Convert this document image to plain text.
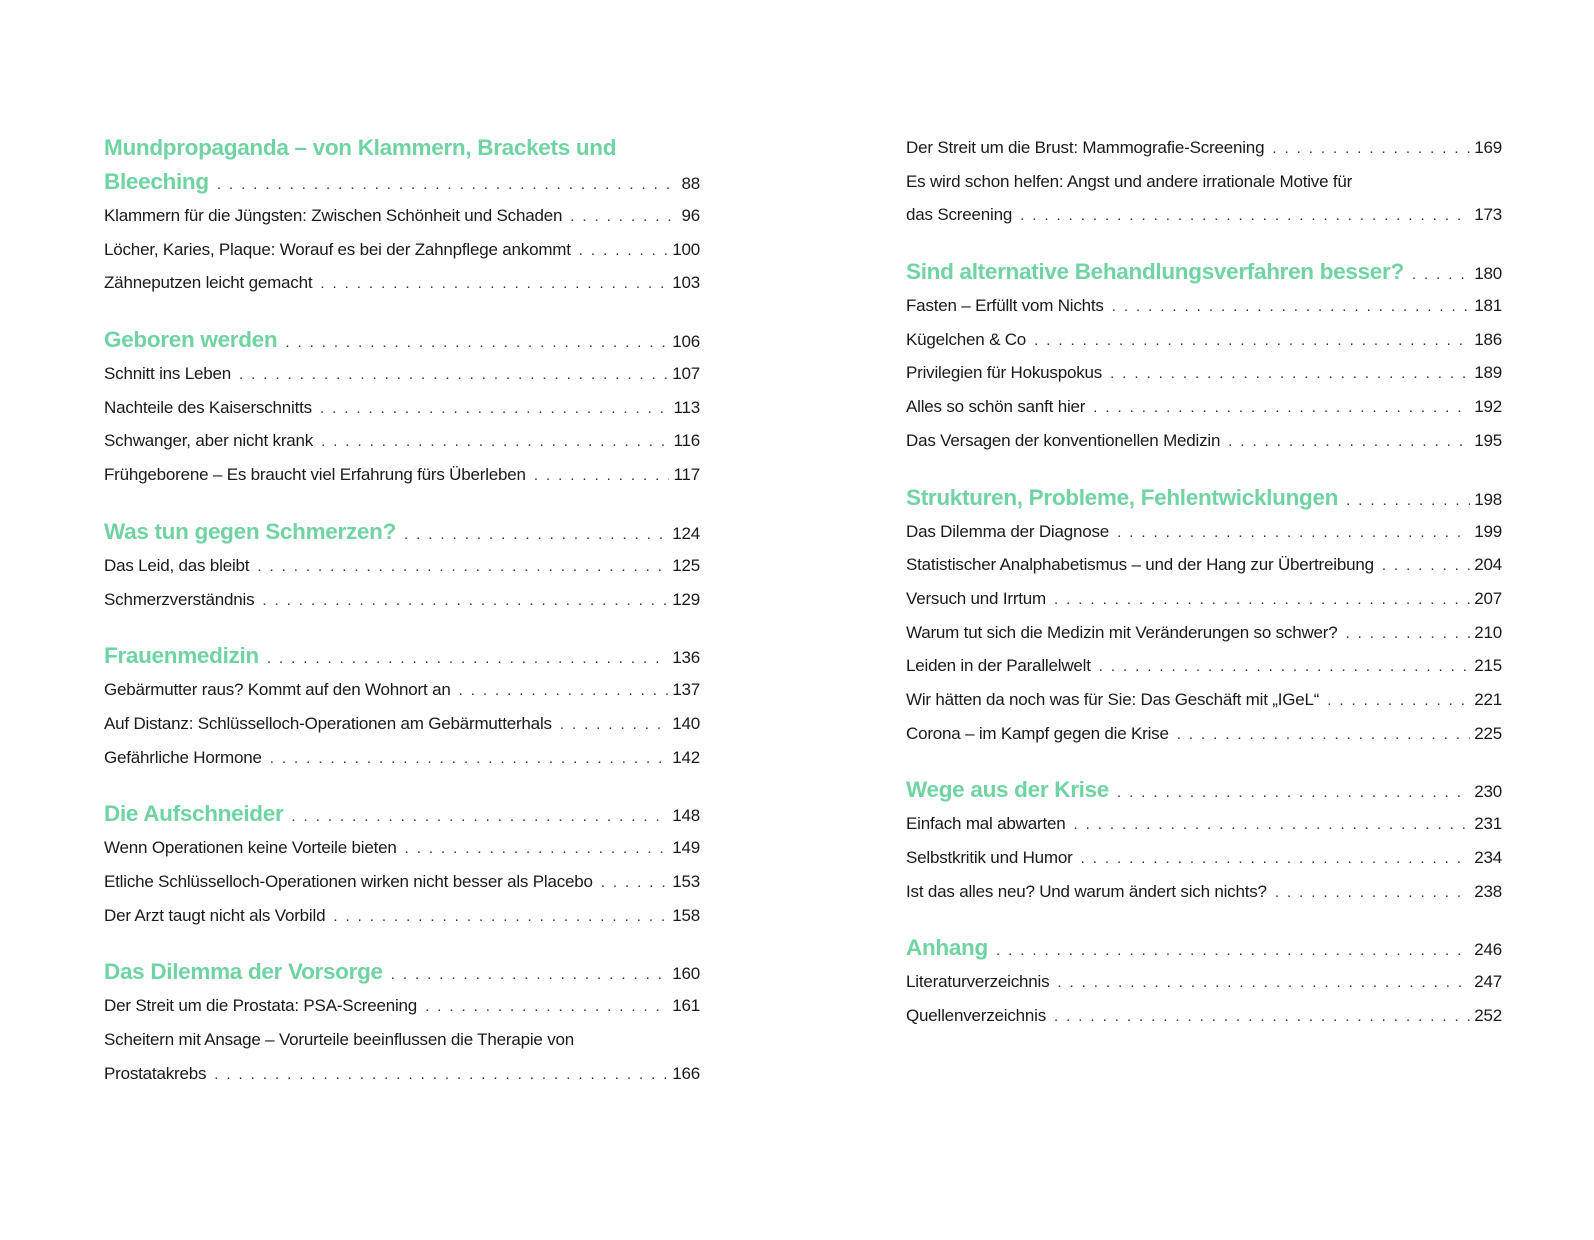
Mundpropaganda – von Klammern, Brackets und
Bleeching . . .	88
Klammern für die Jüngsten: Zwischen Schönheit und Schaden . . .	96
Löcher, Karies, Plaque: Worauf es bei der Zahnpflege ankommt . . .	100
Zähneputzen leicht gemacht . . .	103
Geboren werden . . .	106
Schnitt ins Leben . . .	107
Nachteile des Kaiserschnitts . . .	113
Schwanger, aber nicht krank . . .	116
Frühgeborene – Es braucht viel Erfahrung fürs Überleben . . .	117
Was tun gegen Schmerzen? . . .	124
Das Leid, das bleibt . . .	125
Schmerzverständnis . . .	129
Frauenmedizin . . .	136
Gebärmutter raus? Kommt auf den Wohnort an . . .	137
Auf Distanz: Schlüsselloch-Operationen am Gebärmutterhals . . .	140
Gefährliche Hormone . . .	142
Die Aufschneider . . .	148
Wenn Operationen keine Vorteile bieten . . .	149
Etliche Schlüsselloch-Operationen wirken nicht besser als Placebo . . .	153
Der Arzt taugt nicht als Vorbild . . .	158
Das Dilemma der Vorsorge . . .	160
Der Streit um die Prostata: PSA-Screening . . .	161
Scheitern mit Ansage – Vorurteile beeinflussen die Therapie von
Prostatakrebs . . .	166
Der Streit um die Brust: Mammografie-Screening . . .	169
Es wird schon helfen: Angst und andere irrationale Motive für
das Screening . . .	173
Sind alternative Behandlungsverfahren besser? . . .	180
Fasten – Erfüllt vom Nichts . . .	181
Kügelchen & Co . . .	186
Privilegien für Hokuspokus . . .	189
Alles so schön sanft hier . . .	192
Das Versagen der konventionellen Medizin . . .	195
Strukturen, Probleme, Fehlentwicklungen . . .	198
Das Dilemma der Diagnose . . .	199
Statistischer Analphabetismus – und der Hang zur Übertreibung . . .	204
Versuch und Irrtum . . .	207
Warum tut sich die Medizin mit Veränderungen so schwer? . . .	210
Leiden in der Parallelwelt . . .	215
Wir hätten da noch was für Sie: Das Geschäft mit „IGeL“ . . .	221
Corona – im Kampf gegen die Krise . . .	225
Wege aus der Krise . . .	230
Einfach mal abwarten . . .	231
Selbstkritik und Humor . . .	234
Ist das alles neu? Und warum ändert sich nichts? . . .	238
Anhang . . .	246
Literaturverzeichnis . . .	247
Quellenverzeichnis . . .	252
